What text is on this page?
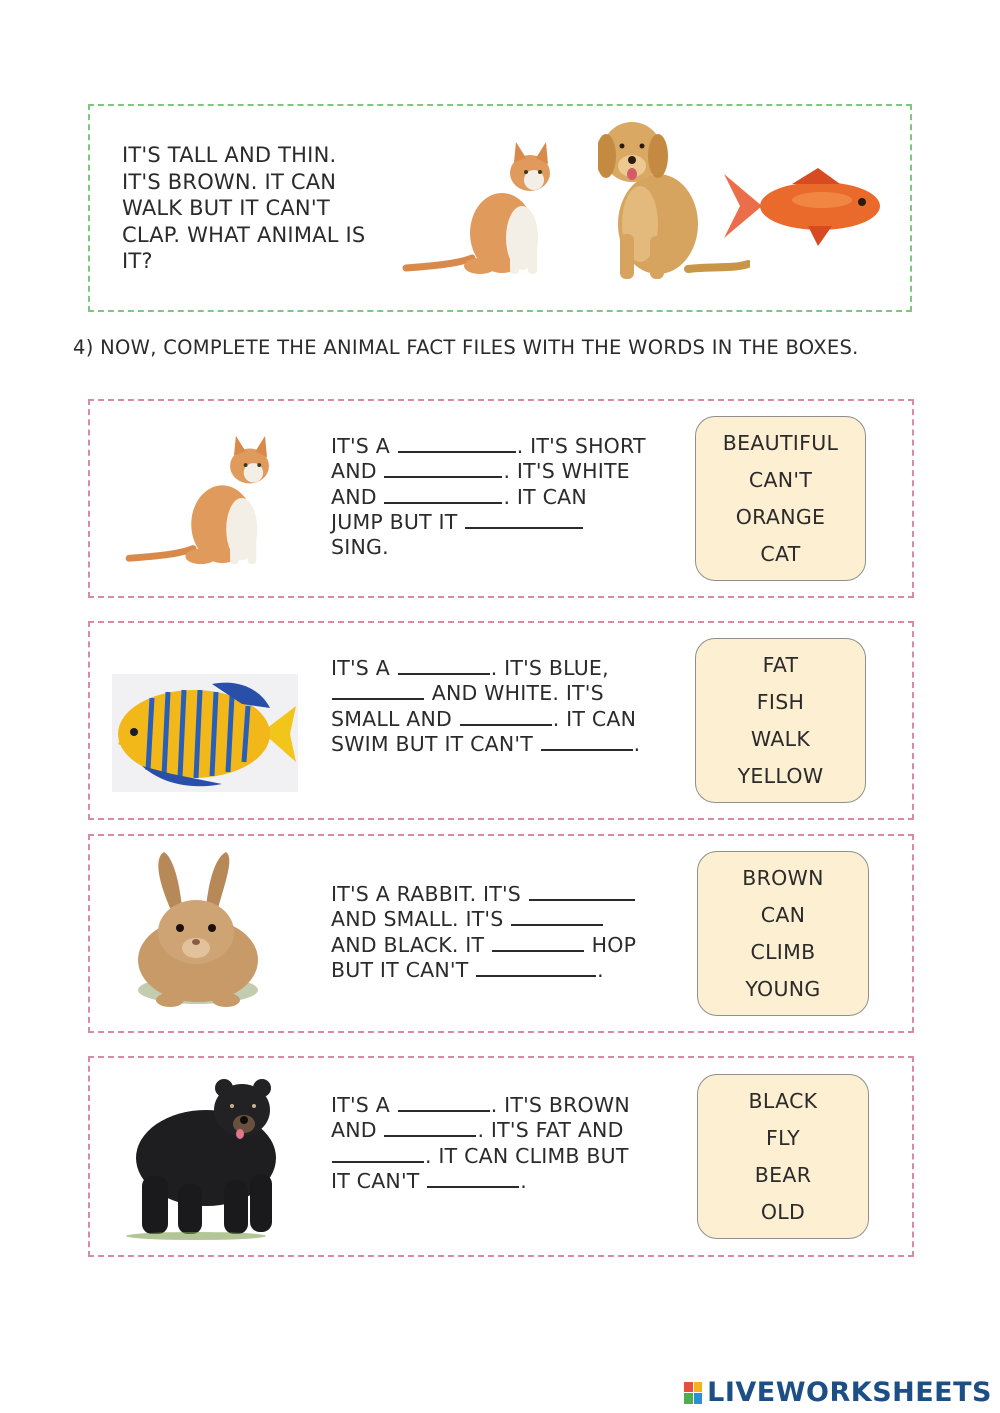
IT'S TALL AND THIN.
IT'S BROWN. IT CAN
WALK BUT IT CAN'T
CLAP. WHAT ANIMAL IS
IT?
4) NOW, COMPLETE THE ANIMAL FACT FILES WITH THE WORDS IN THE BOXES.
IT'S A	. IT'S SHORT
AND	. IT'S WHITE
AND	. IT CAN
JUMP BUT IT
SING.
BEAUTIFUL
CAN'T
ORANGE
CAT
IT'S A	. IT'S BLUE,
AND WHITE. IT'S
SMALL AND	. IT CAN
SWIM BUT IT CAN'T	.
FAT
FISH
WALK
YELLOW
IT'S A RABBIT. IT'S
AND SMALL. IT'S
AND BLACK. IT	HOP
BUT IT CAN'T	.
BROWN
CAN
CLIMB
YOUNG
IT'S A	. IT'S BROWN
AND	. IT'S FAT AND
. IT CAN CLIMB BUT
IT CAN'T	.
BLACK
FLY
BEAR
OLD
LIVEWORKSHEETS
